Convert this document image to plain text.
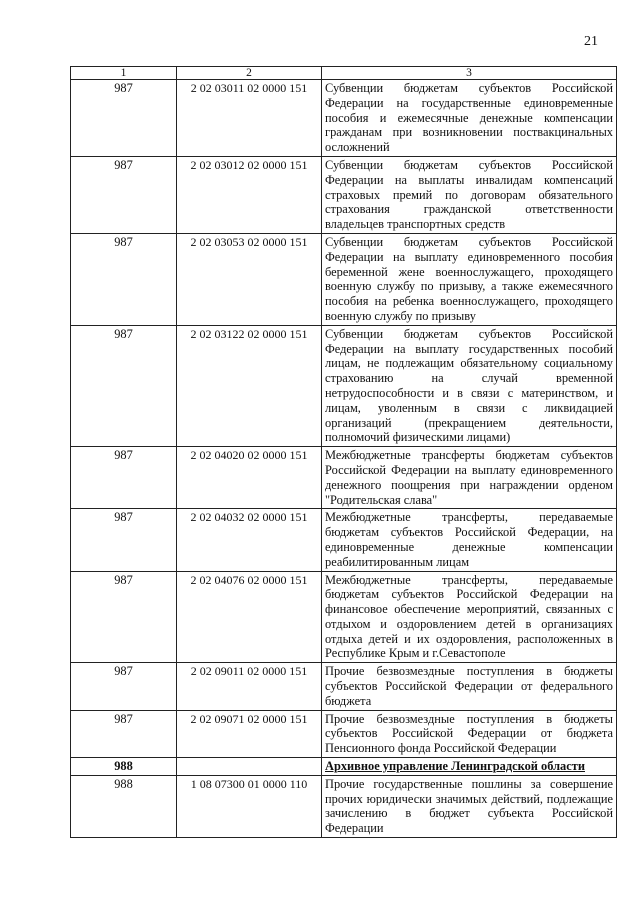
21
1	2	3
987	2 02 03011 02 0000 151	Субвенции бюджетам субъектов Российской Федерации на государственные единовременные пособия и ежемесячные денежные компенсации гражданам при возникновении поствакцинальных осложнений
987	2 02 03012 02 0000 151	Субвенции бюджетам субъектов Российской Федерации на выплаты инвалидам компенсаций страховых премий по договорам обязательного страхования гражданской ответственности владельцев транспортных средств
987	2 02 03053 02 0000 151	Субвенции бюджетам субъектов Российской Федерации на выплату единовременного пособия беременной жене военнослужащего, проходящего военную службу по призыву, а также ежемесячного пособия на ребенка военнослужащего, проходящего военную службу по призыву
987	2 02 03122 02 0000 151	Субвенции бюджетам субъектов Российской Федерации на выплату государственных пособий лицам, не подлежащим обязательному социальному страхованию на случай временной нетрудоспособности и в связи с материнством, и лицам, уволенным в связи с ликвидацией организаций (прекращением деятельности, полномочий физическими лицами)
987	2 02 04020 02 0000 151	Межбюджетные трансферты бюджетам субъектов Российской Федерации на выплату единовременного денежного поощрения при награждении орденом "Родительская слава"
987	2 02 04032 02 0000 151	Межбюджетные трансферты, передаваемые бюджетам субъектов Российской Федерации, на единовременные денежные компенсации реабилитированным лицам
987	2 02 04076 02 0000 151	Межбюджетные трансферты, передаваемые бюджетам субъектов Российской Федерации на финансовое обеспечение мероприятий, связанных с отдыхом и оздоровлением детей в организациях отдыха детей и их оздоровления, расположенных в Республике Крым и г.Севастополе
987	2 02 09011 02 0000 151	Прочие безвозмездные поступления в бюджеты субъектов Российской Федерации от федерального бюджета
987	2 02 09071 02 0000 151	Прочие безвозмездные поступления в бюджеты субъектов Российской Федерации от бюджета Пенсионного фонда Российской Федерации
988		Архивное управление Ленинградской области
988	1 08 07300 01 0000 110	Прочие государственные пошлины за совершение прочих юридически значимых действий, подлежащие зачислению в бюджет субъекта Российской Федерации
